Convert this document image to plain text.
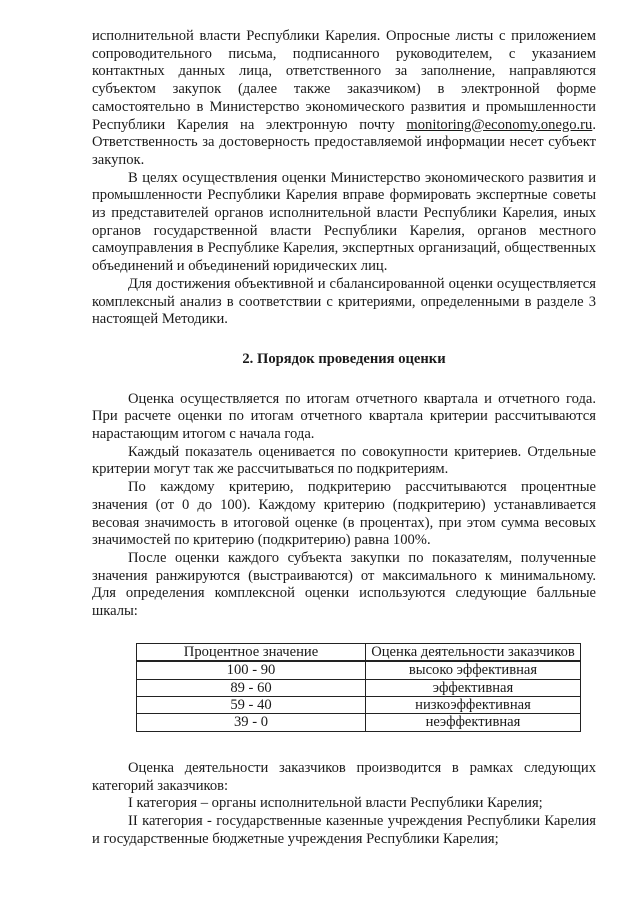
исполнительной власти Республики Карелия. Опросные листы с приложением сопроводительного письма, подписанного руководителем, с указанием контактных данных лица, ответственного за заполнение, направляются субъектом закупок (далее также заказчиком) в электронной форме самостоятельно в Министерство экономического развития и промышленности Республики Карелия на электронную почту monitoring@economy.onego.ru. Ответственность за достоверность предоставляемой информации несет субъект закупок.

В целях осуществления оценки Министерство экономического развития и промышленности Республики Карелия вправе формировать экспертные советы из представителей органов исполнительной власти Республики Карелия, иных органов государственной власти Республики Карелия, органов местного самоуправления в Республике Карелия, экспертных организаций, общественных объединений и объединений юридических лиц.

Для достижения объективной и сбалансированной оценки осуществляется комплексный анализ в соответствии с критериями, определенными в разделе 3 настоящей Методики.

2. Порядок проведения оценки

Оценка осуществляется по итогам отчетного квартала и отчетного года. При расчете оценки по итогам отчетного квартала критерии рассчитываются нарастающим итогом с начала года.

Каждый показатель оценивается по совокупности критериев. Отдельные критерии могут так же рассчитываться по подкритериям.

По каждому критерию, подкритерию рассчитываются процентные значения (от 0 до 100). Каждому критерию (подкритерию) устанавливается весовая значимость в итоговой оценке (в процентах), при этом сумма весовых значимостей по критерию (подкритерию) равна 100%.

После оценки каждого субъекта закупки по показателям, полученные значения ранжируются (выстраиваются) от максимального к минимальному. Для определения комплексной оценки используются следующие балльные шкалы:

Процентное значение	Оценка деятельности заказчиков
100 - 90	высоко эффективная
89 - 60	эффективная
59 - 40	низкоэффективная
39 - 0	неэффективная

Оценка деятельности заказчиков производится в рамках следующих категорий заказчиков:

I категория – органы исполнительной власти Республики Карелия;

II категория - государственные казенные учреждения Республики Карелия и государственные бюджетные учреждения Республики Карелия;
